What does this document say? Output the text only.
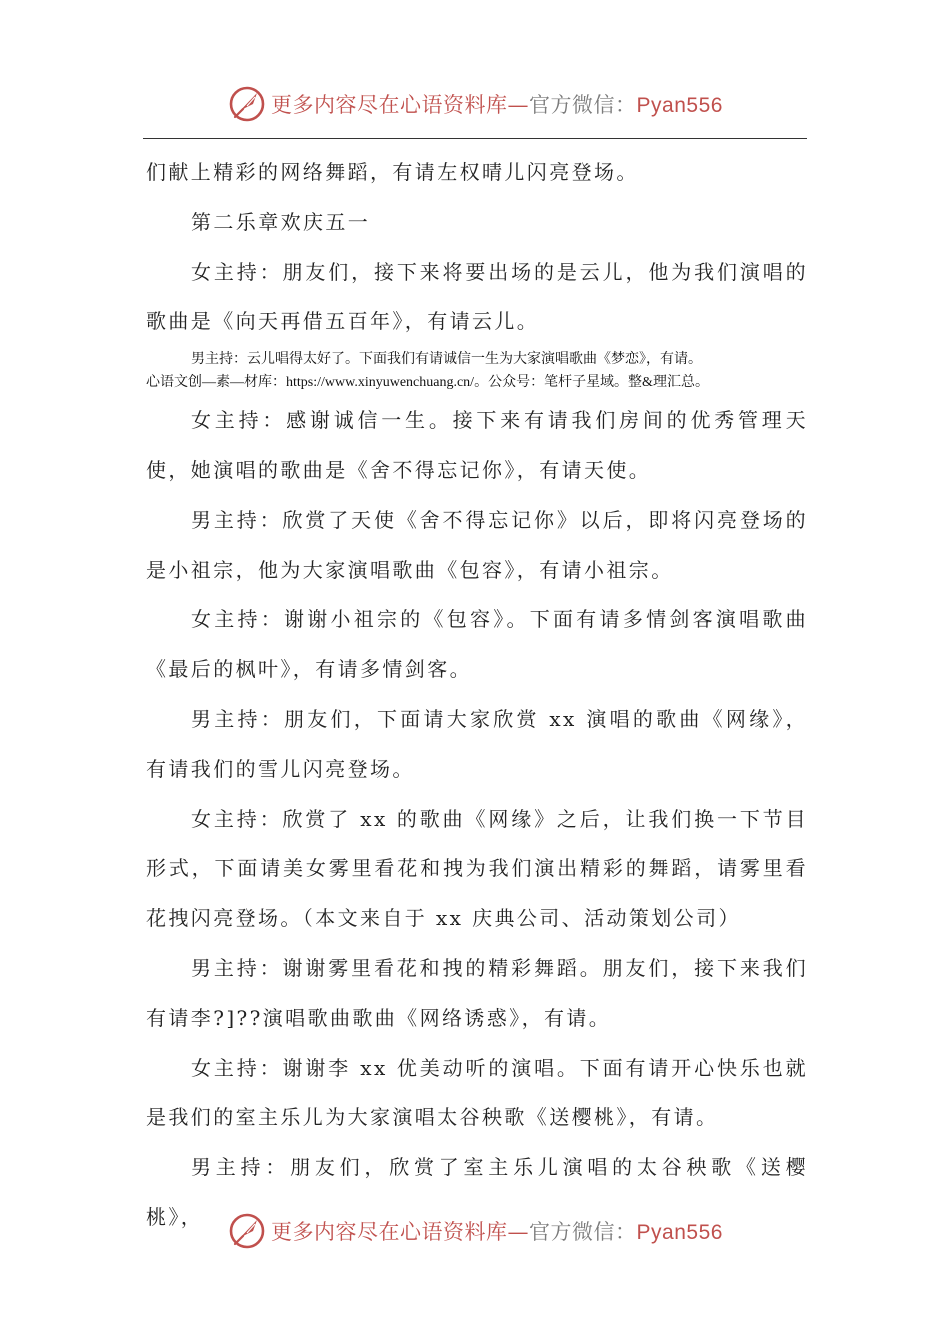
更多内容尽在心语资料库—官方微信：Pyan556

们献上精彩的网络舞蹈，有请左权晴儿闪亮登场。

第二乐章欢庆五一

女主持：朋友们，接下来将要出场的是云儿，他为我们演唱的歌曲是《向天再借五百年》，有请云儿。

男主持：云儿唱得太好了。下面我们有请诚信一生为大家演唱歌曲《梦恋》，有请。
心语文创—素—材库：https://www.xinyuwenchuang.cn/。公众号：笔杆子星域。整&理汇总。

女主持：感谢诚信一生。接下来有请我们房间的优秀管理天使，她演唱的歌曲是《舍不得忘记你》，有请天使。

男主持：欣赏了天使《舍不得忘记你》以后，即将闪亮登场的是小祖宗，他为大家演唱歌曲《包容》，有请小祖宗。

女主持：谢谢小祖宗的《包容》。下面有请多情剑客演唱歌曲《最后的枫叶》，有请多情剑客。

男主持：朋友们，下面请大家欣赏 xx 演唱的歌曲《网缘》，有请我们的雪儿闪亮登场。

女主持：欣赏了 xx 的歌曲《网缘》之后，让我们换一下节目形式，下面请美女雾里看花和拽为我们演出精彩的舞蹈，请雾里看花拽闪亮登场。（本文来自于 xx 庆典公司、活动策划公司）

男主持：谢谢雾里看花和拽的精彩舞蹈。朋友们，接下来我们有请李?]??演唱歌曲歌曲《网络诱惑》，有请。

女主持：谢谢李 xx 优美动听的演唱。下面有请开心快乐也就是我们的室主乐儿为大家演唱太谷秧歌《送樱桃》，有请。

男主持：朋友们，欣赏了室主乐儿演唱的太谷秧歌《送樱桃》，

更多内容尽在心语资料库—官方微信：Pyan556
